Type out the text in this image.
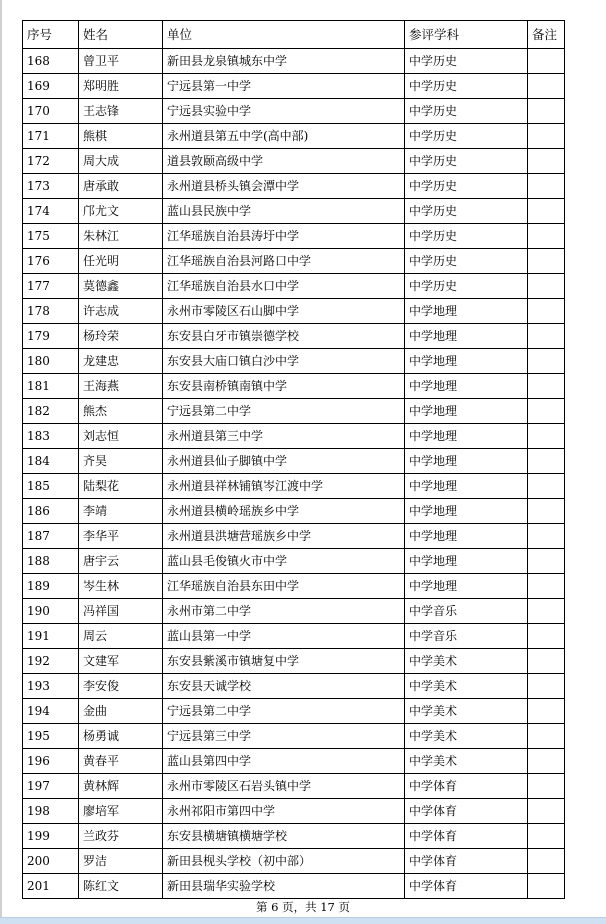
序号	姓名	单位	参评学科	备注
168	曾卫平	新田县龙泉镇城东中学	中学历史	
169	郑明胜	宁远县第一中学	中学历史	
170	王志锋	宁远县实验中学	中学历史	
171	熊棋	永州道县第五中学(高中部)	中学历史	
172	周大成	道县敦颐高级中学	中学历史	
173	唐承敢	永州道县桥头镇会潭中学	中学历史	
174	邝尤文	蓝山县民族中学	中学历史	
175	朱林江	江华瑶族自治县涛圩中学	中学历史	
176	任光明	江华瑶族自治县河路口中学	中学历史	
177	莫德鑫	江华瑶族自治县水口中学	中学历史	
178	许志成	永州市零陵区石山脚中学	中学地理	
179	杨玲荣	东安县白牙市镇崇德学校	中学地理	
180	龙建忠	东安县大庙口镇白沙中学	中学地理	
181	王海燕	东安县南桥镇南镇中学	中学地理	
182	熊杰	宁远县第二中学	中学地理	
183	刘志恒	永州道县第三中学	中学地理	
184	齐昊	永州道县仙子脚镇中学	中学地理	
185	陆梨花	永州道县祥林铺镇岑江渡中学	中学地理	
186	李靖	永州道县横岭瑶族乡中学	中学地理	
187	李华平	永州道县洪塘营瑶族乡中学	中学地理	
188	唐宇云	蓝山县毛俊镇火市中学	中学地理	
189	岑生林	江华瑶族自治县东田中学	中学地理	
190	冯祥国	永州市第二中学	中学音乐	
191	周云	蓝山县第一中学	中学音乐	
192	文建军	东安县紫溪市镇塘复中学	中学美术	
193	李安俊	东安县天诚学校	中学美术	
194	金曲	宁远县第二中学	中学美术	
195	杨勇诚	宁远县第三中学	中学美术	
196	黄春平	蓝山县第四中学	中学美术	
197	黄林辉	永州市零陵区石岩头镇中学	中学体育	
198	廖培军	永州祁阳市第四中学	中学体育	
199	兰政芬	东安县横塘镇横塘学校	中学体育	
200	罗洁	新田县枧头学校（初中部）	中学体育	
201	陈红文	新田县瑞华实验学校	中学体育	
第 6 页，共 17 页
